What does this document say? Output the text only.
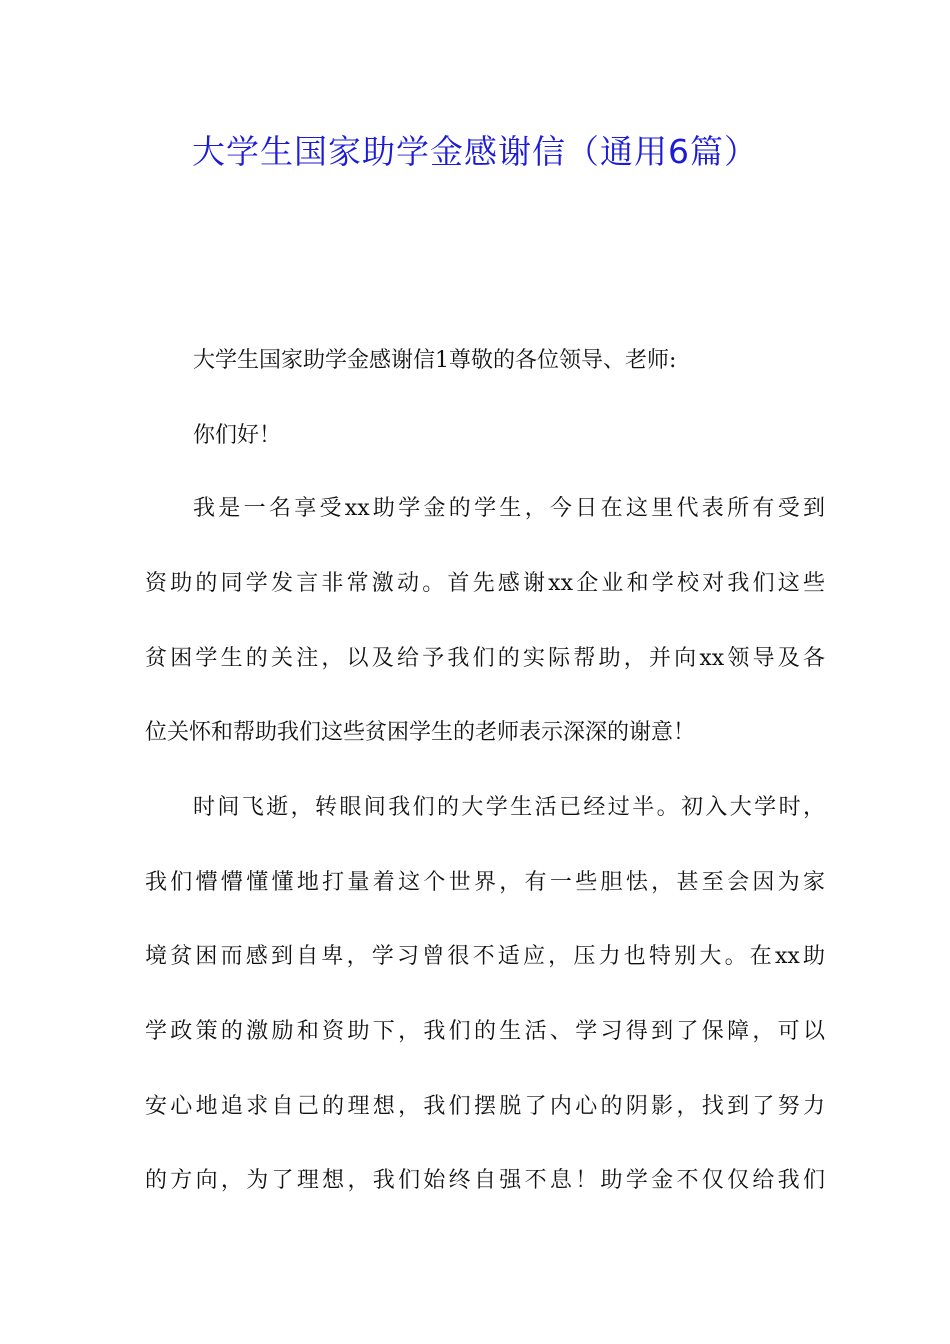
大学生国家助学金感谢信（通用6篇）
大学生国家助学金感谢信1尊敬的各位领导、老师:
你们好！
我是一名享受xx助学金的学生，今日在这里代表所有受到
资助的同学发言非常激动。首先感谢xx企业和学校对我们这些
贫困学生的关注，以及给予我们的实际帮助，并向xx领导及各
位关怀和帮助我们这些贫困学生的老师表示深深的谢意！
时间飞逝，转眼间我们的大学生活已经过半。初入大学时，
我们懵懵懂懂地打量着这个世界，有一些胆怯，甚至会因为家
境贫困而感到自卑，学习曾很不适应，压力也特别大。在xx助
学政策的激励和资助下，我们的生活、学习得到了保障，可以
安心地追求自己的理想，我们摆脱了内心的阴影，找到了努力
的方向，为了理想，我们始终自强不息！助学金不仅仅给我们
